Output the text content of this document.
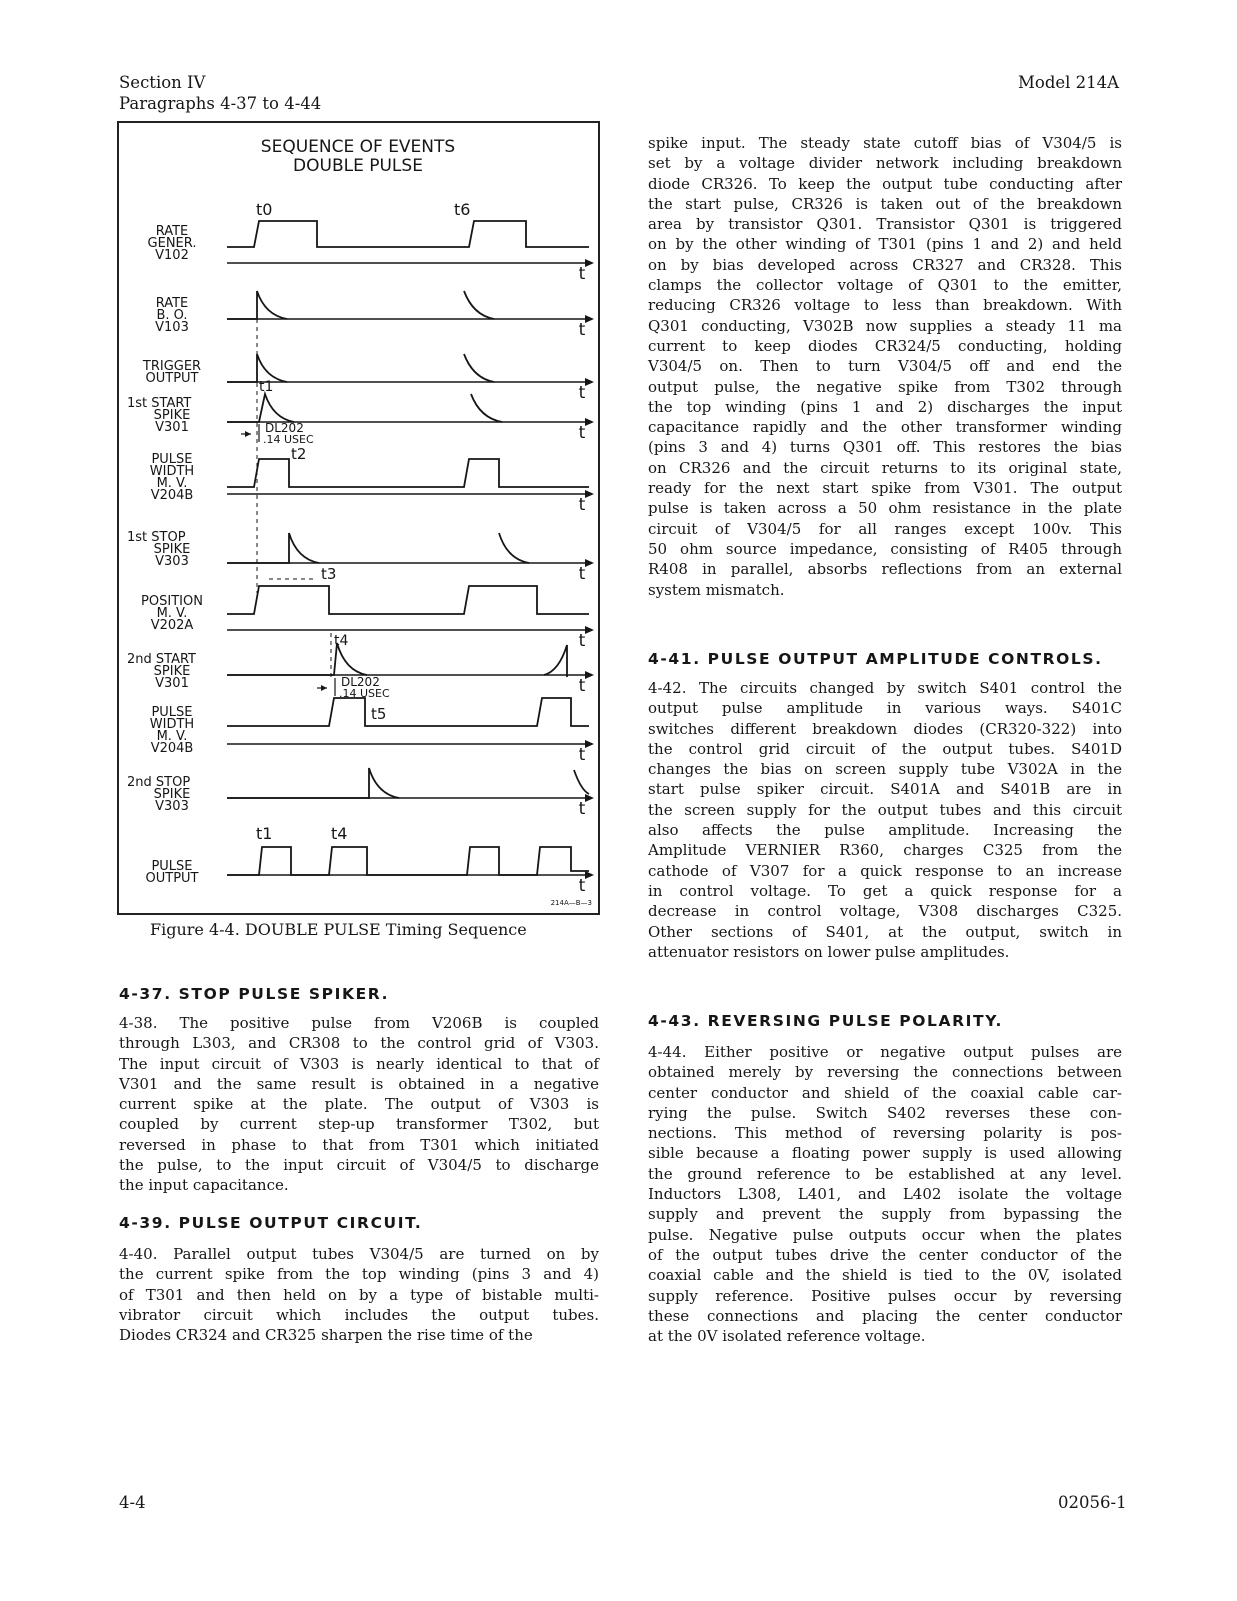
Section IV
Paragraphs 4-37 to 4-44
Model 214A
SEQUENCE OF EVENTS
DOUBLE PULSE
RATE
GENER.
V102
RATE
B. O.
V103
TRIGGER
OUTPUT
1st START
SPIKE
V301
PULSE
WIDTH
M. V.
V204B
1st STOP
SPIKE
V303
POSITION
M. V.
V202A
2nd START
SPIKE
V301
PULSE
WIDTH
M. V.
V204B
2nd STOP
SPIKE
V303
PULSE
OUTPUT
t
t
t
t
t
t
t
t
t
t
t
t0	t6
t1
t2
t3
t4
t5
t1	t4
DL202
.14 USEC
DL202
.14 USEC
214A—B—3
Figure 4-4. DOUBLE PULSE Timing Sequence
4-37. STOP PULSE SPIKER.
4-38. The positive pulse from V206B is coupled
through L303, and CR308 to the control grid of V303.
The input circuit of V303 is nearly identical to that of
V301 and the same result is obtained in a negative
current spike at the plate. The output of V303 is
coupled by current step-up transformer T302, but
reversed in phase to that from T301 which initiated
the pulse, to the input circuit of V304/5 to discharge
the input capacitance.
4-39. PULSE OUTPUT CIRCUIT.
4-40. Parallel output tubes V304/5 are turned on by
the current spike from the top winding (pins 3 and 4)
of T301 and then held on by a type of bistable multi-
vibrator circuit which includes the output tubes.
Diodes CR324 and CR325 sharpen the rise time of the
spike input. The steady state cutoff bias of V304/5 is
set by a voltage divider network including breakdown
diode CR326. To keep the output tube conducting after
the start pulse, CR326 is taken out of the breakdown
area by transistor Q301. Transistor Q301 is triggered
on by the other winding of T301 (pins 1 and 2) and held
on by bias developed across CR327 and CR328. This
clamps the collector voltage of Q301 to the emitter,
reducing CR326 voltage to less than breakdown. With
Q301 conducting, V302B now supplies a steady 11 ma
current to keep diodes CR324/5 conducting, holding
V304/5 on. Then to turn V304/5 off and end the
output pulse, the negative spike from T302 through
the top winding (pins 1 and 2) discharges the input
capacitance rapidly and the other transformer winding
(pins 3 and 4) turns Q301 off. This restores the bias
on CR326 and the circuit returns to its original state,
ready for the next start spike from V301. The output
pulse is taken across a 50 ohm resistance in the plate
circuit of V304/5 for all ranges except 100v. This
50 ohm source impedance, consisting of R405 through
R408 in parallel, absorbs reflections from an external
system mismatch.
4-41. PULSE OUTPUT AMPLITUDE CONTROLS.
4-42. The circuits changed by switch S401 control the
output pulse amplitude in various ways. S401C
switches different breakdown diodes (CR320-322) into
the control grid circuit of the output tubes. S401D
changes the bias on screen supply tube V302A in the
start pulse spiker circuit. S401A and S401B are in
the screen supply for the output tubes and this circuit
also affects the pulse amplitude. Increasing the
Amplitude VERNIER R360, charges C325 from the
cathode of V307 for a quick response to an increase
in control voltage. To get a quick response for a
decrease in control voltage, V308 discharges C325.
Other sections of S401, at the output, switch in
attenuator resistors on lower pulse amplitudes.
4-43. REVERSING PULSE POLARITY.
4-44. Either positive or negative output pulses are
obtained merely by reversing the connections between
center conductor and shield of the coaxial cable car-
rying the pulse. Switch S402 reverses these con-
nections. This method of reversing polarity is pos-
sible because a floating power supply is used allowing
the ground reference to be established at any level.
Inductors L308, L401, and L402 isolate the voltage
supply and prevent the supply from bypassing the
pulse. Negative pulse outputs occur when the plates
of the output tubes drive the center conductor of the
coaxial cable and the shield is tied to the 0V, isolated
supply reference. Positive pulses occur by reversing
these connections and placing the center conductor
at the 0V isolated reference voltage.
4-4	02056-1
